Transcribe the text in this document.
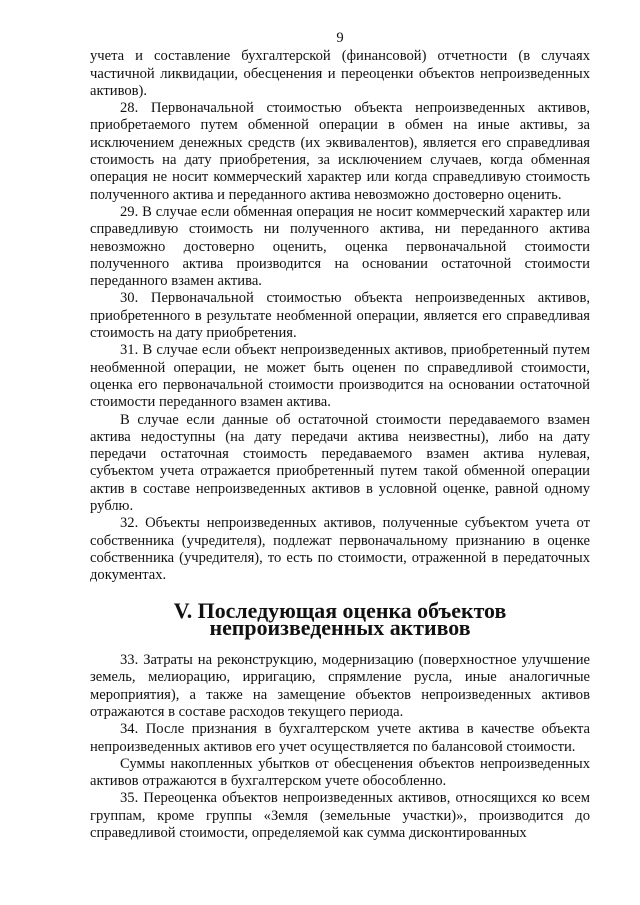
9

учета и составление бухгалтерской (финансовой) отчетности (в случаях частичной ликвидации, обесценения и переоценки объектов непроизведенных активов).

28. Первоначальной стоимостью объекта непроизведенных активов, приобретаемого путем обменной операции в обмен на иные активы, за исключением денежных средств (их эквивалентов), является его справедливая стоимость на дату приобретения, за исключением случаев, когда обменная операция не носит коммерческий характер или когда справедливую стоимость полученного актива и переданного актива невозможно достоверно оценить.

29. В случае если обменная операция не носит коммерческий характер или справедливую стоимость ни полученного актива, ни переданного актива невозможно достоверно оценить, оценка первоначальной стоимости полученного актива производится на основании остаточной стоимости переданного взамен актива.

30. Первоначальной стоимостью объекта непроизведенных активов, приобретенного в результате необменной операции, является его справедливая стоимость на дату приобретения.

31. В случае если объект непроизведенных активов, приобретенный путем необменной операции, не может быть оценен по справедливой стоимости, оценка его первоначальной стоимости производится на основании остаточной стоимости переданного взамен актива.

В случае если данные об остаточной стоимости передаваемого взамен актива недоступны (на дату передачи актива неизвестны), либо на дату передачи остаточная стоимость передаваемого взамен актива нулевая, субъектом учета отражается приобретенный путем такой обменной операции актив в составе непроизведенных активов в условной оценке, равной одному рублю.

32. Объекты непроизведенных активов, полученные субъектом учета от собственника (учредителя), подлежат первоначальному признанию в оценке собственника (учредителя), то есть по стоимости, отраженной в передаточных документах.

V. Последующая оценка объектов непроизведенных активов

33. Затраты на реконструкцию, модернизацию (поверхностное улучшение земель, мелиорацию, ирригацию, спрямление русла, иные аналогичные мероприятия), а также на замещение объектов непроизведенных активов отражаются в составе расходов текущего периода.

34. После признания в бухгалтерском учете актива в качестве объекта непроизведенных активов его учет осуществляется по балансовой стоимости.

Суммы накопленных убытков от обесценения объектов непроизведенных активов отражаются в бухгалтерском учете обособленно.

35. Переоценка объектов непроизведенных активов, относящихся ко всем группам, кроме группы «Земля (земельные участки)», производится до справедливой стоимости, определяемой как сумма дисконтированных
